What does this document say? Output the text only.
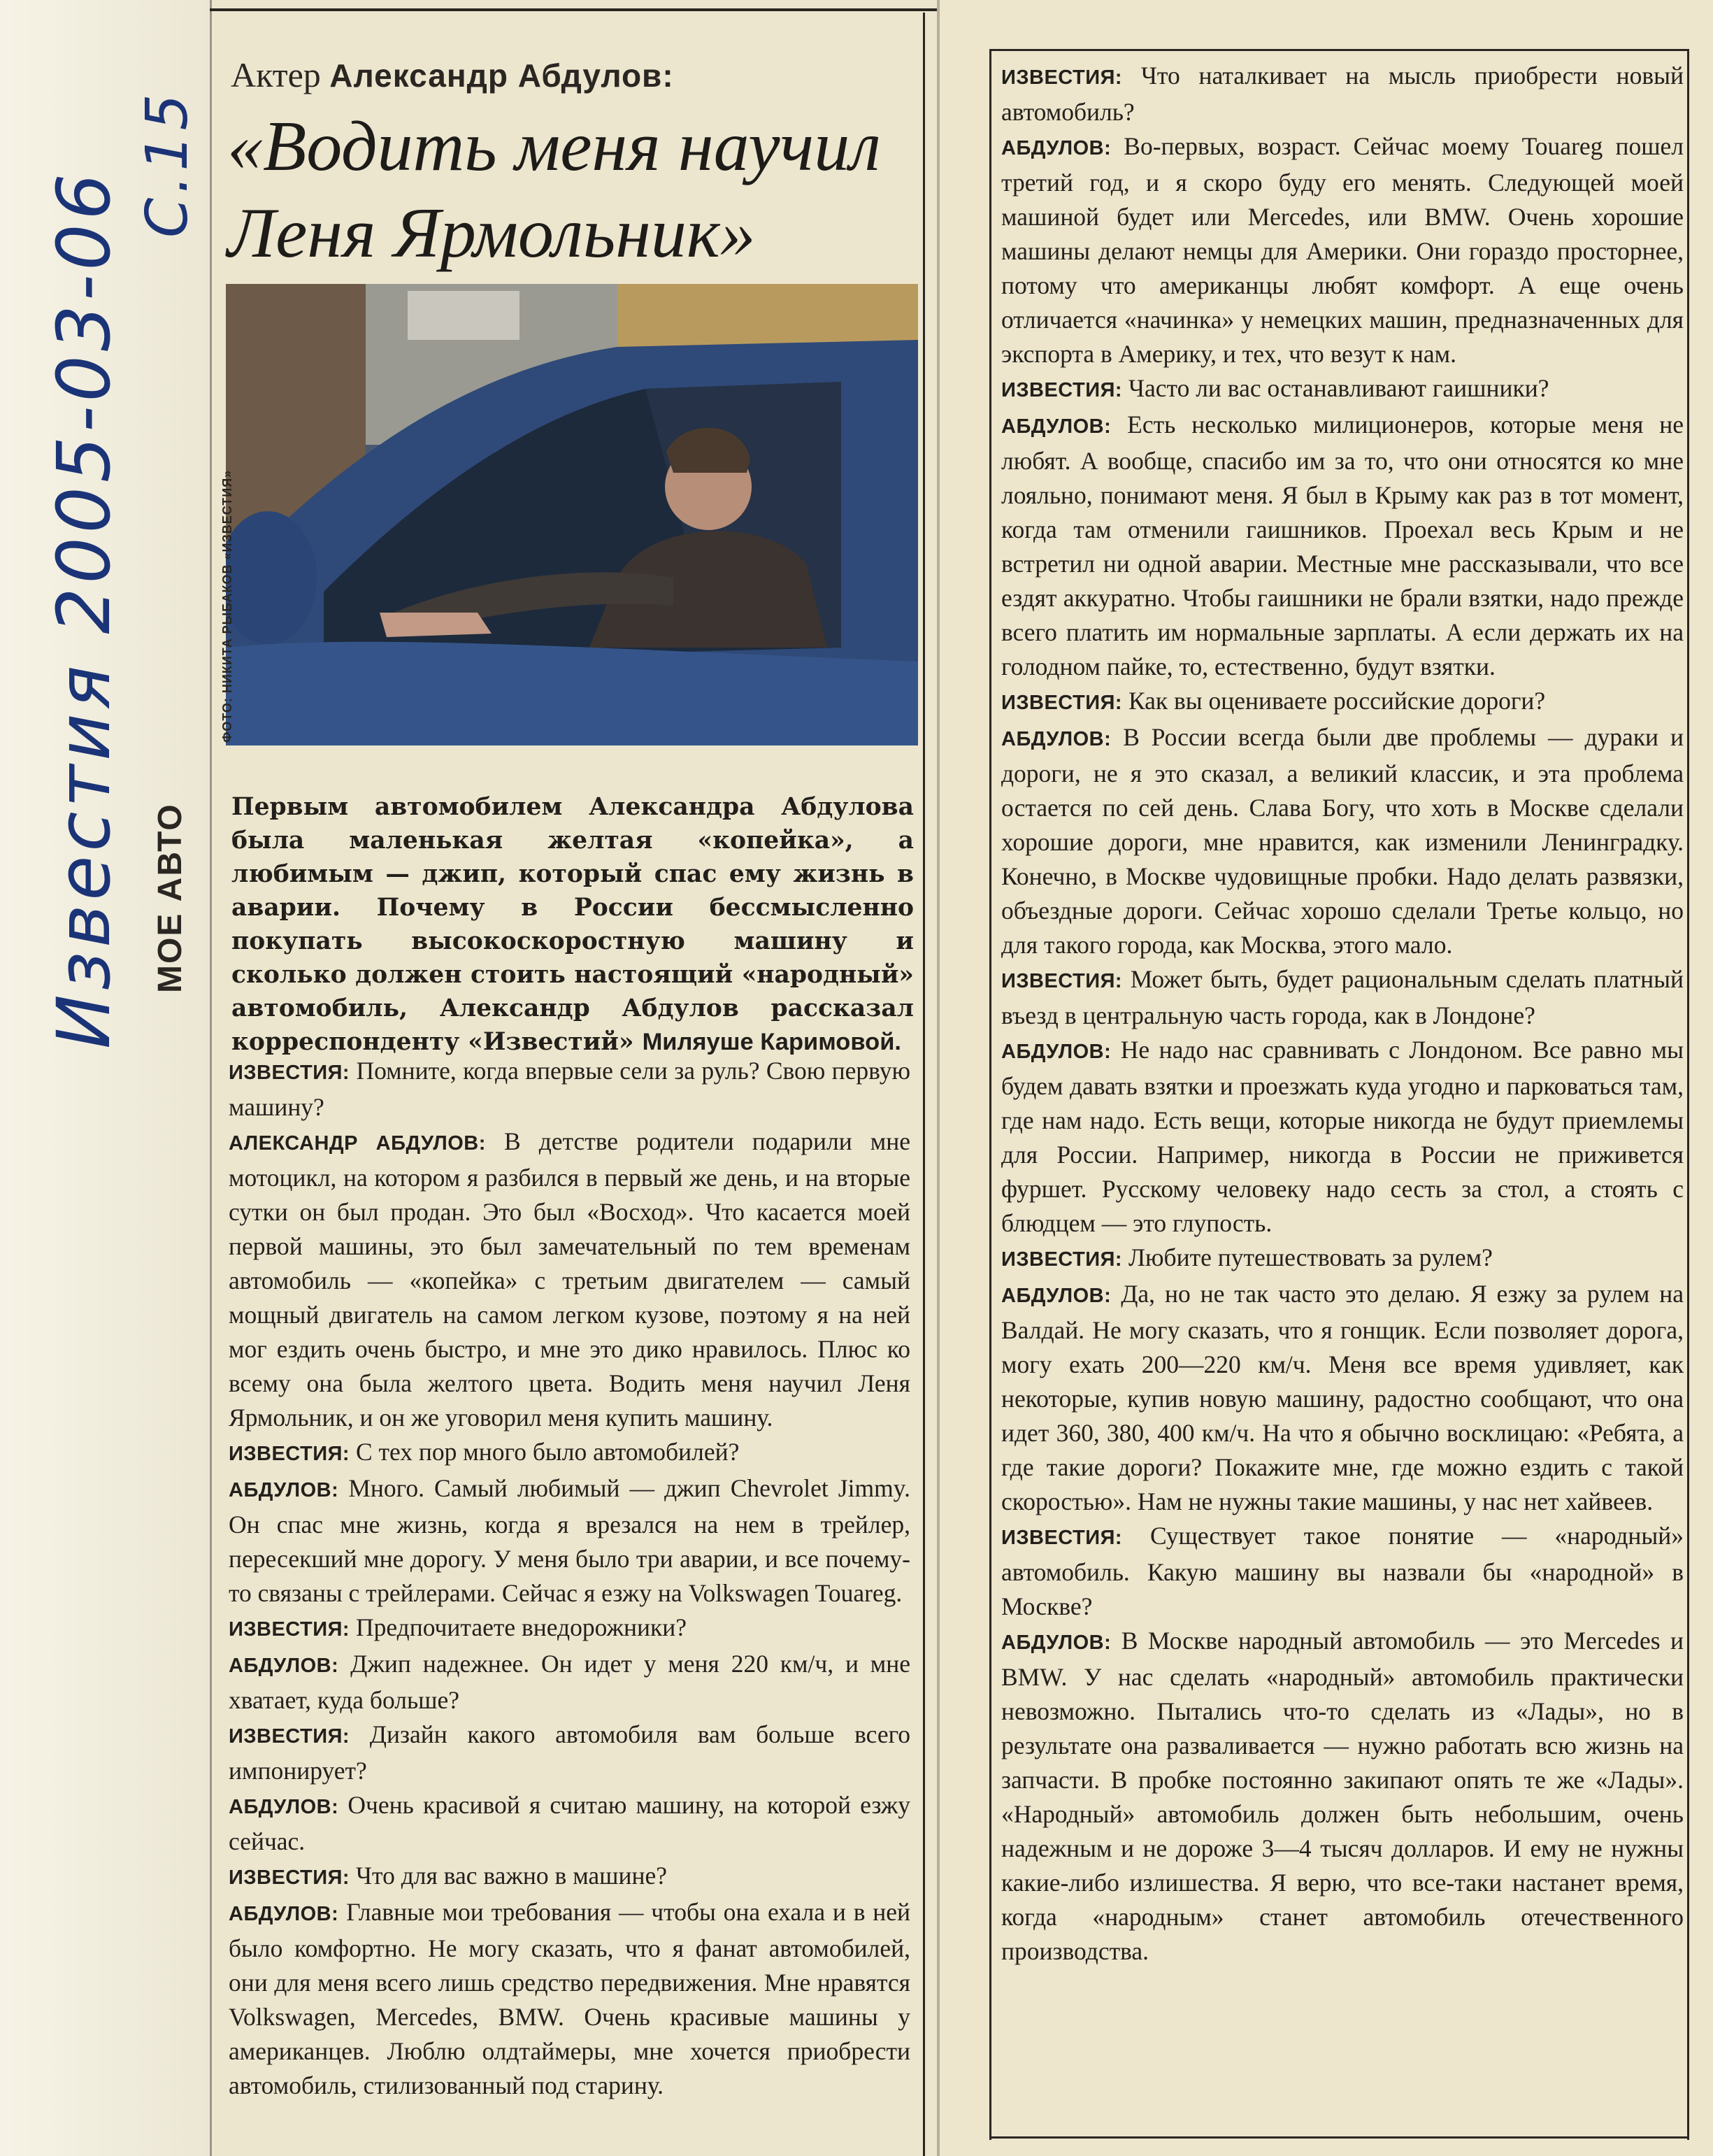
Известия 2005-03-06
C.15
МОЕ АВТО
Актер Александр Абдулов:
«Водить меня научил Леня Ярмольник»
ФОТО: НИКИТА РЫБАКОВ «ИЗВЕСТИЯ»
Первым автомобилем Александра Абдулова была маленькая желтая «копейка», а любимым — джип, который спас ему жизнь в аварии. Почему в России бессмысленно покупать высокоскоростную машину и сколько должен стоить настоящий «народный» автомобиль, Александр Абдулов рассказал корреспонденту «Известий» Миляуше Каримовой.

ИЗВЕСТИЯ: Помните, когда впервые сели за руль? Свою первую машину?

АЛЕКСАНДР АБДУЛОВ: В детстве родители подарили мне мотоцикл, на котором я разбился в первый же день, и на вторые сутки он был продан. Это был «Восход». Что касается моей первой машины, это был замечательный по тем временам автомобиль — «копейка» с третьим двигателем — самый мощный двигатель на самом легком кузове, поэтому я на ней мог ездить очень быстро, и мне это дико нравилось. Плюс ко всему она была желтого цвета. Водить меня научил Леня Ярмольник, и он же уговорил меня купить машину.

ИЗВЕСТИЯ: С тех пор много было автомобилей?

АБДУЛОВ: Много. Самый любимый — джип Chevrolet Jimmy. Он спас мне жизнь, когда я врезался на нем в трейлер, пересекший мне дорогу. У меня было три аварии, и все почему-то связаны с трейлерами. Сейчас я езжу на Volkswagen Touareg.

ИЗВЕСТИЯ: Предпочитаете внедорожники?

АБДУЛОВ: Джип надежнее. Он идет у меня 220 км/ч, и мне хватает, куда больше?

ИЗВЕСТИЯ: Дизайн какого автомобиля вам больше всего импонирует?

АБДУЛОВ: Очень красивой я считаю машину, на которой езжу сейчас.

ИЗВЕСТИЯ: Что для вас важно в машине?

АБДУЛОВ: Главные мои требования — чтобы она ехала и в ней было комфортно. Не могу сказать, что я фанат автомобилей, они для меня всего лишь средство передвижения. Мне нравятся Volkswagen, Mercedes, BMW. Очень красивые машины у американцев. Люблю олдтаймеры, мне хочется приобрести автомобиль, стилизованный под старину.

ИЗВЕСТИЯ: Что наталкивает на мысль приобрести новый автомобиль?

АБДУЛОВ: Во-первых, возраст. Сейчас моему Touareg пошел третий год, и я скоро буду его менять. Следующей моей машиной будет или Mercedes, или BMW. Очень хорошие машины делают немцы для Америки. Они гораздо просторнее, потому что американцы любят комфорт. А еще очень отличается «начинка» у немецких машин, предназначенных для экспорта в Америку, и тех, что везут к нам.

ИЗВЕСТИЯ: Часто ли вас останавливают гаишники?

АБДУЛОВ: Есть несколько милиционеров, которые меня не любят. А вообще, спасибо им за то, что они относятся ко мне лояльно, понимают меня. Я был в Крыму как раз в тот момент, когда там отменили гаишников. Проехал весь Крым и не встретил ни одной аварии. Местные мне рассказывали, что все ездят аккуратно. Чтобы гаишники не брали взятки, надо прежде всего платить им нормальные зарплаты. А если держать их на голодном пайке, то, естественно, будут взятки.

ИЗВЕСТИЯ: Как вы оцениваете российские дороги?

АБДУЛОВ: В России всегда были две проблемы — дураки и дороги, не я это сказал, а великий классик, и эта проблема остается по сей день. Слава Богу, что хоть в Москве сделали хорошие дороги, мне нравится, как изменили Ленинградку. Конечно, в Москве чудовищные пробки. Надо делать развязки, объездные дороги. Сейчас хорошо сделали Третье кольцо, но для такого города, как Москва, этого мало.

ИЗВЕСТИЯ: Может быть, будет рациональным сделать платный въезд в центральную часть города, как в Лондоне?

АБДУЛОВ: Не надо нас сравнивать с Лондоном. Все равно мы будем давать взятки и проезжать куда угодно и парковаться там, где нам надо. Есть вещи, которые никогда не будут приемлемы для России. Например, никогда в России не приживется фуршет. Русскому человеку надо сесть за стол, а стоять с блюдцем — это глупость.

ИЗВЕСТИЯ: Любите путешествовать за рулем?

АБДУЛОВ: Да, но не так часто это делаю. Я езжу за рулем на Валдай. Не могу сказать, что я гонщик. Если позволяет дорога, могу ехать 200—220 км/ч. Меня все время удивляет, как некоторые, купив новую машину, радостно сообщают, что она идет 360, 380, 400 км/ч. На что я обычно восклицаю: «Ребята, а где такие дороги? Покажите мне, где можно ездить с такой скоростью». Нам не нужны такие машины, у нас нет хайвеев.

ИЗВЕСТИЯ: Существует такое понятие — «народный» автомобиль. Какую машину вы назвали бы «народной» в Москве?

АБДУЛОВ: В Москве народный автомобиль — это Mercedes и BMW. У нас сделать «народный» автомобиль практически невозможно. Пытались что-то сделать из «Лады», но в результате она разваливается — нужно работать всю жизнь на запчасти. В пробке постоянно закипают опять те же «Лады». «Народный» автомобиль должен быть небольшим, очень надежным и не дороже 3—4 тысяч долларов. И ему не нужны какие-либо излишества. Я верю, что все-таки настанет время, когда «народным» станет автомобиль отечественного производства.
